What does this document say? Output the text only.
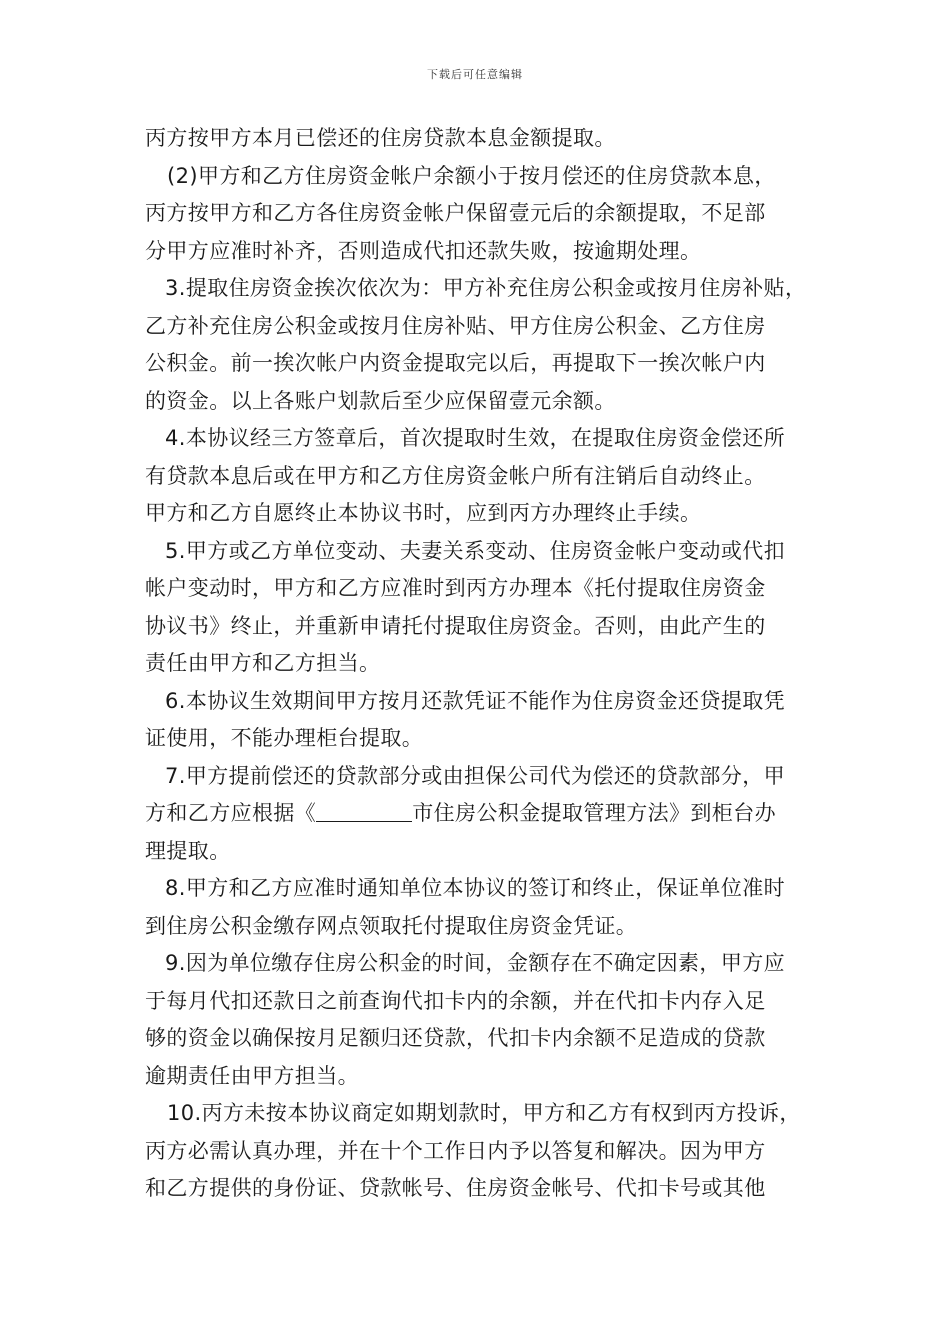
下载后可任意编辑
丙方按甲方本月已偿还的住房贷款本息金额提取。
(2)甲方和乙方住房资金帐户余额小于按月偿还的住房贷款本息，
丙方按甲方和乙方各住房资金帐户保留壹元后的余额提取，不足部
分甲方应准时补齐，否则造成代扣还款失败，按逾期处理。
3.提取住房资金挨次依次为：甲方补充住房公积金或按月住房补贴，
乙方补充住房公积金或按月住房补贴、甲方住房公积金、乙方住房
公积金。前一挨次帐户内资金提取完以后，再提取下一挨次帐户内
的资金。以上各账户划款后至少应保留壹元余额。
4.本协议经三方签章后，首次提取时生效，在提取住房资金偿还所
有贷款本息后或在甲方和乙方住房资金帐户所有注销后自动终止。
甲方和乙方自愿终止本协议书时，应到丙方办理终止手续。
5.甲方或乙方单位变动、夫妻关系变动、住房资金帐户变动或代扣
帐户变动时，甲方和乙方应准时到丙方办理本《托付提取住房资金
协议书》终止，并重新申请托付提取住房资金。否则，由此产生的
责任由甲方和乙方担当。
6.本协议生效期间甲方按月还款凭证不能作为住房资金还贷提取凭
证使用，不能办理柜台提取。
7.甲方提前偿还的贷款部分或由担保公司代为偿还的贷款部分，甲
方和乙方应根据《	市住房公积金提取管理方法》到柜台办
理提取。
8.甲方和乙方应准时通知单位本协议的签订和终止，保证单位准时
到住房公积金缴存网点领取托付提取住房资金凭证。
9.因为单位缴存住房公积金的时间，金额存在不确定因素，甲方应
于每月代扣还款日之前查询代扣卡内的余额，并在代扣卡内存入足
够的资金以确保按月足额归还贷款，代扣卡内余额不足造成的贷款
逾期责任由甲方担当。
10.丙方未按本协议商定如期划款时，甲方和乙方有权到丙方投诉，
丙方必需认真办理，并在十个工作日内予以答复和解决。因为甲方
和乙方提供的身份证、贷款帐号、住房资金帐号、代扣卡号或其他
